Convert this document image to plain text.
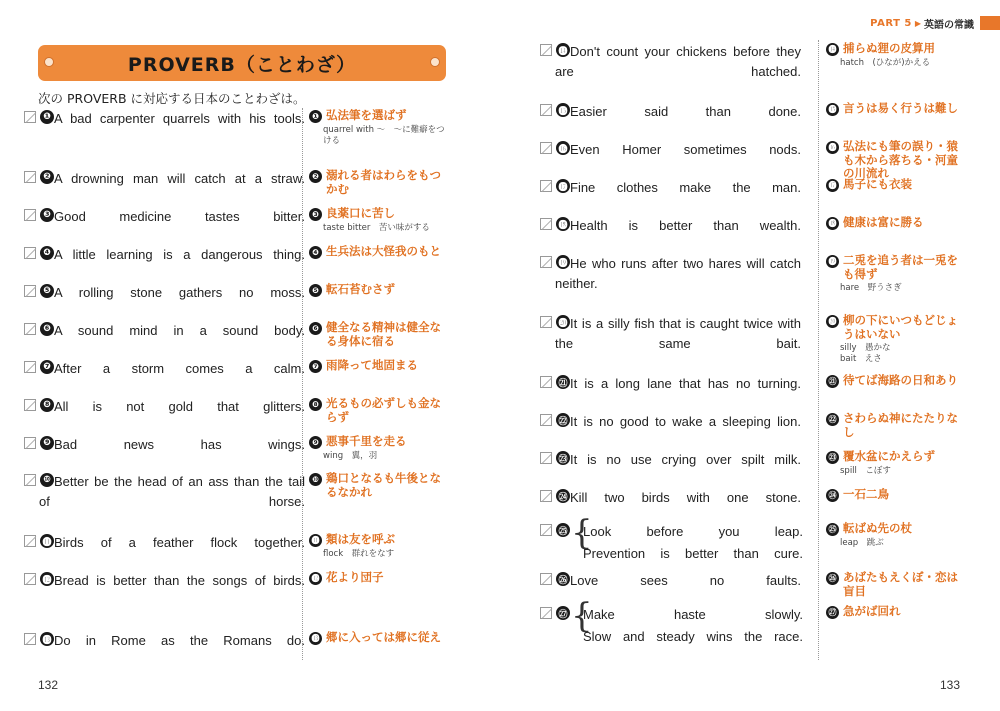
PROVERB（ことわざ）
次の PROVERB に対応する日本のことわざは。
❶ A bad carpenter quarrels with his tools. ❶ 弘法筆を選ばず
quarrel with ～　～に難癖をつける
❷ A drowning man will catch at a straw. ❷ 溺れる者はわらをもつかむ
❸ Good medicine tastes bitter. ❸ 良薬口に苦し
taste bitter　苦い味がする
❹ A little learning is a dangerous thing. ❹ 生兵法は大怪我のもと
❺ A rolling stone gathers no moss. ❺ 転石苔むさず
❻ A sound mind in a sound body. ❻ 健全なる精神は健全なる身体に宿る
❼ After a storm comes a calm. ❼ 雨降って地固まる
❽ All is not gold that glitters. ❽ 光るもの必ずしも金ならず
❾ Bad news has wings. ❾ 悪事千里を走る
wing　翼，羽
❿ Better be the head of an ass than the tail of horse.
❿ 鶏口となるも牛後となるなかれ
⓫ Birds of a feather flock together. ⓫ 類は友を呼ぶ
flock　群れをなす
⓬ Bread is better than the songs of birds. ⓬ 花より団子
⓭ Do in Rome as the Romans do. ⓭ 郷に入っては郷に従え
132
PART 5 ▶ 英語の常識
⓮ Don't count your chickens before they are hatched.
⓮ 捕らぬ狸の皮算用
hatch　(ひなが)かえる
⓯ Easier said than done.	⓯ 言うは易く行うは難し
⓰ Even Homer sometimes nods.	⓰ 弘法にも筆の誤り・猿も木から落ちる・河童の川流れ
⓱ Fine clothes make the man.	⓱ 馬子にも衣装
⓲ Health is better than wealth.	⓲ 健康は富に勝る
⓳ He who runs after two hares will catch neither.
⓳ 二兎を追う者は一兎をも得ず
hare　野うさぎ
⓴ It is a silly fish that is caught twice with the same bait.
⓴ 柳の下にいつもどじょうはいない
silly　愚かな
bait　えさ
㉑ It is a long lane that has no turning.	㉑ 待てば海路の日和あり
㉒ It is no good to wake a sleeping lion.	㉒ さわらぬ神にたたりなし
㉓ It is no use crying over spilt milk.	㉓ 覆水盆にかえらず
spill　こぼす
㉔ Kill two birds with one stone.	㉔ 一石二鳥
㉕ {
Look before you leap.
Prevention is better than cure.
㉕ 転ばぬ先の杖
leap　跳ぶ
㉖ Love sees no faults.	㉖ あばたもえくぼ・恋は盲目
㉗ {
Make haste slowly.
Slow and steady wins the race.
㉗ 急がば回れ
133
